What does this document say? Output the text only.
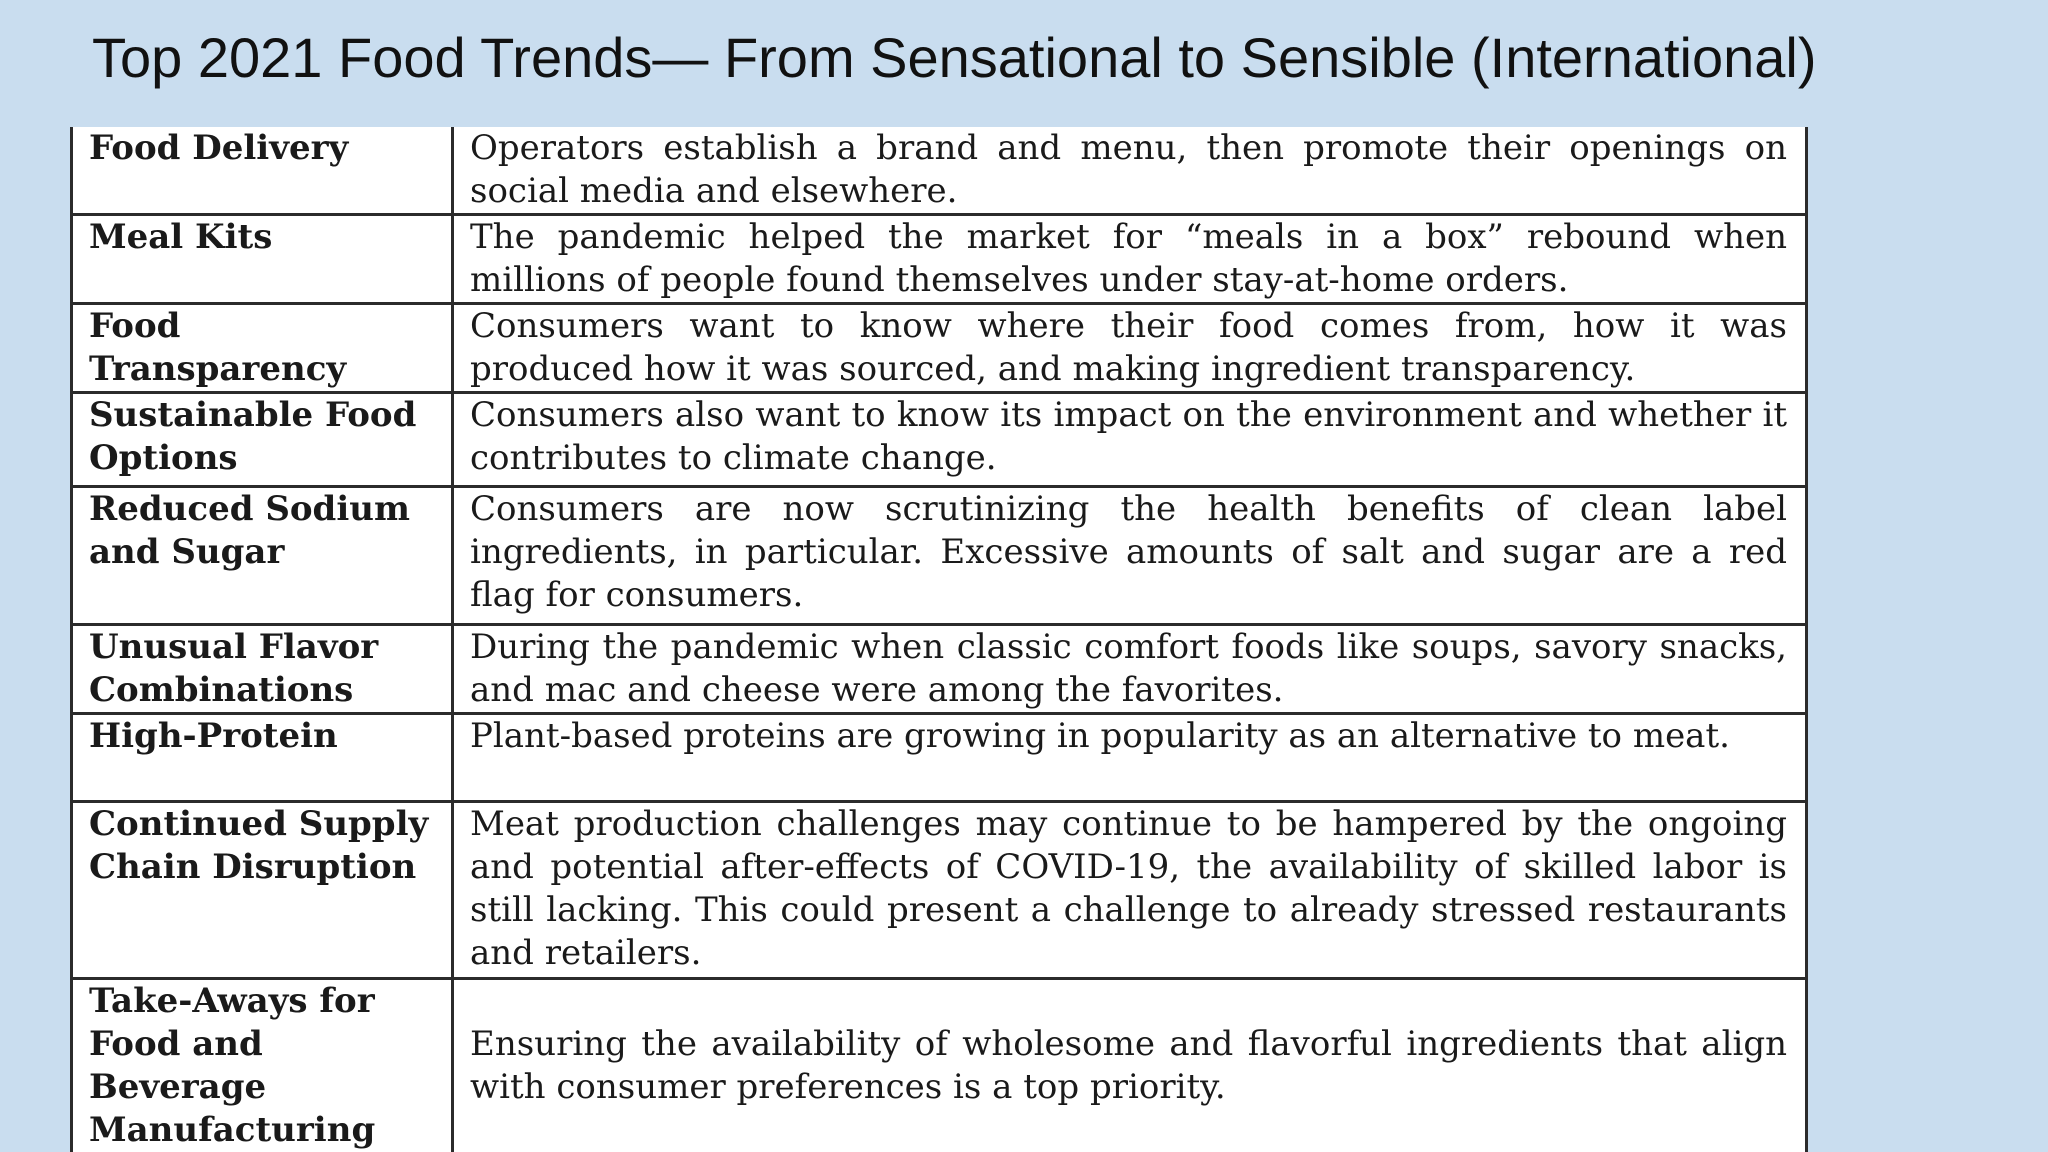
Top 2021 Food Trends— From Sensational to Sensible (International)
Food Delivery	Operators establish a brand and menu, then promote their openings on social media and elsewhere.
Meal Kits	The pandemic helped the market for “meals in a box” rebound when millions of people found themselves under stay-at-home orders.
Food Transparency	Consumers want to know where their food comes from, how it was produced how it was sourced, and making ingredient transparency.
Sustainable Food Options	Consumers also want to know its impact on the environment and whether it contributes to climate change.
Reduced Sodium and Sugar	Consumers are now scrutinizing the health benefits of clean label ingredients, in particular. Excessive amounts of salt and sugar are a red flag for consumers.
Unusual Flavor Combinations	During the pandemic when classic comfort foods like soups, savory snacks, and mac and cheese were among the favorites.
High-Protein	Plant-based proteins are growing in popularity as an alternative to meat.
Continued Supply Chain Disruption	Meat production challenges may continue to be hampered by the ongoing and potential after-effects of COVID-19, the availability of skilled labor is still lacking. This could present a challenge to already stressed restaurants and retailers.
Take-Aways for Food and Beverage Manufacturing	Ensuring the availability of wholesome and flavorful ingredients that align with consumer preferences is a top priority.
